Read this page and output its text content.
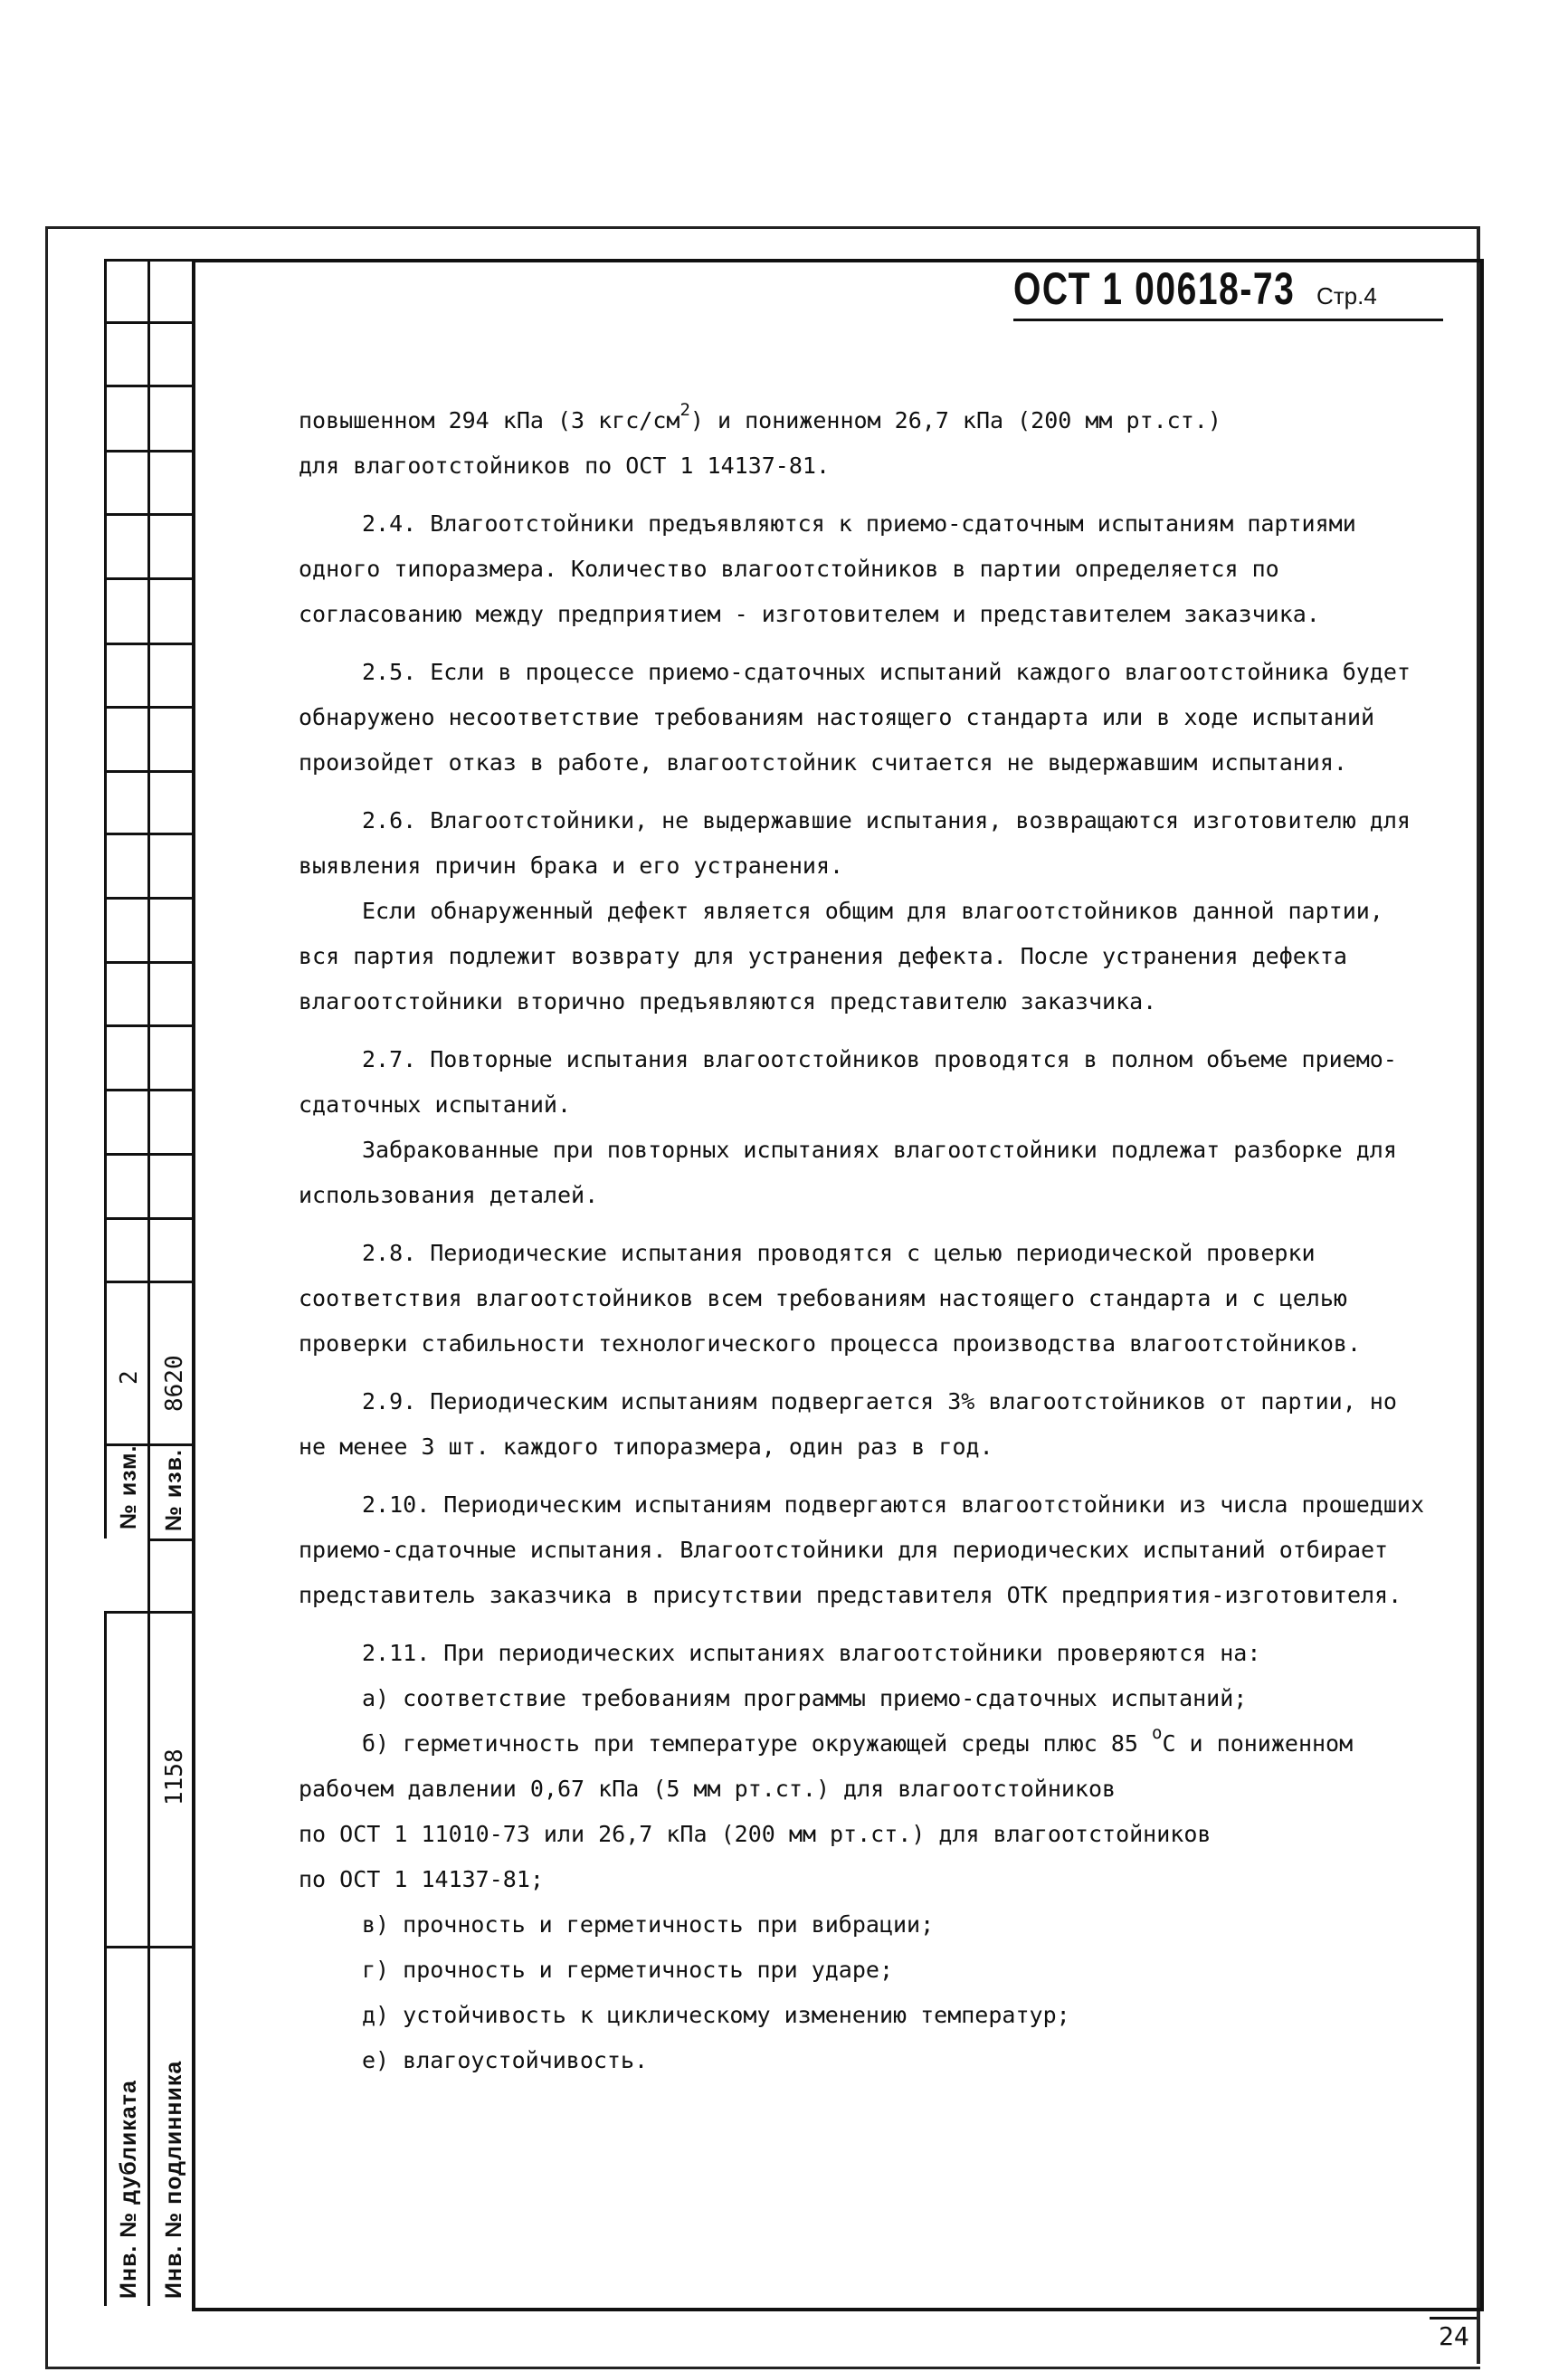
2 8620
№ изм. № изв.
1158
Инв. № дубликата Инв. № подлинника
ОСТ 1 00618-73 Стр.4

повышенном 294 кПа (3 кгс/$см^2$) и пониженном 26,7 кПа (200 мм рт.ст.)

для влагоотстойников по ОСТ 1 14137-81.

2.4. Влагоотстойники предъявляются к приемо-сдаточным испытаниям партиями одного типоразмера. Количество влагоотстойников в партии определяется по согласованию между предприятием - изготовителем и представителем заказчика.

2.5. Если в процессе приемо-сдаточных испытаний каждого влагоотстойника будет обнаружено несоответствие требованиям настоящего стандарта или в ходе испытаний произойдет отказ в работе, влагоотстойник считается не выдержавшим испытания.

2.6. Влагоотстойники, не выдержавшие испытания, возвращаются изготовителю для выявления причин брака и его устранения.

Если обнаруженный дефект является общим для влагоотстойников данной партии, вся партия подлежит возврату для устранения дефекта. После устранения дефекта влагоотстойники вторично предъявляются представителю заказчика.

2.7. Повторные испытания влагоотстойников проводятся в полном объеме приемо-сдаточных испытаний.

Забракованные при повторных испытаниях влагоотстойники подлежат разборке для использования деталей.

2.8. Периодические испытания проводятся с целью периодической проверки соответствия влагоотстойников всем требованиям настоящего стандарта и с целью проверки стабильности технологического процесса производства влагоотстойников.

2.9. Периодическим испытаниям подвергается 3% влагоотстойников от партии, но не менее 3 шт. каждого типоразмера, один раз в год.

2.10. Периодическим испытаниям подвергаются влагоотстойники из числа прошедших приемо-сдаточные испытания. Влагоотстойники для периодических испытаний отбирает представитель заказчика в присутствии представителя ОТК предприятия-изготовителя.

2.11. При периодических испытаниях влагоотстойники проверяются на:

а) соответствие требованиям программы приемо-сдаточных испытаний;

б) герметичность при температуре окружающей среды плюс 85 $^о$С и пониженном рабочем давлении 0,67 кПа (5 мм рт.ст.) для влагоотстойников

по ОСТ 1 11010-73 или 26,7 кПа (200 мм рт.ст.) для влагоотстойников

по ОСТ 1 14137-81;

в) прочность и герметичность при вибрации;

г) прочность и герметичность при ударе;

д) устойчивость к циклическому изменению температур;

е) влагоустойчивость.

24
